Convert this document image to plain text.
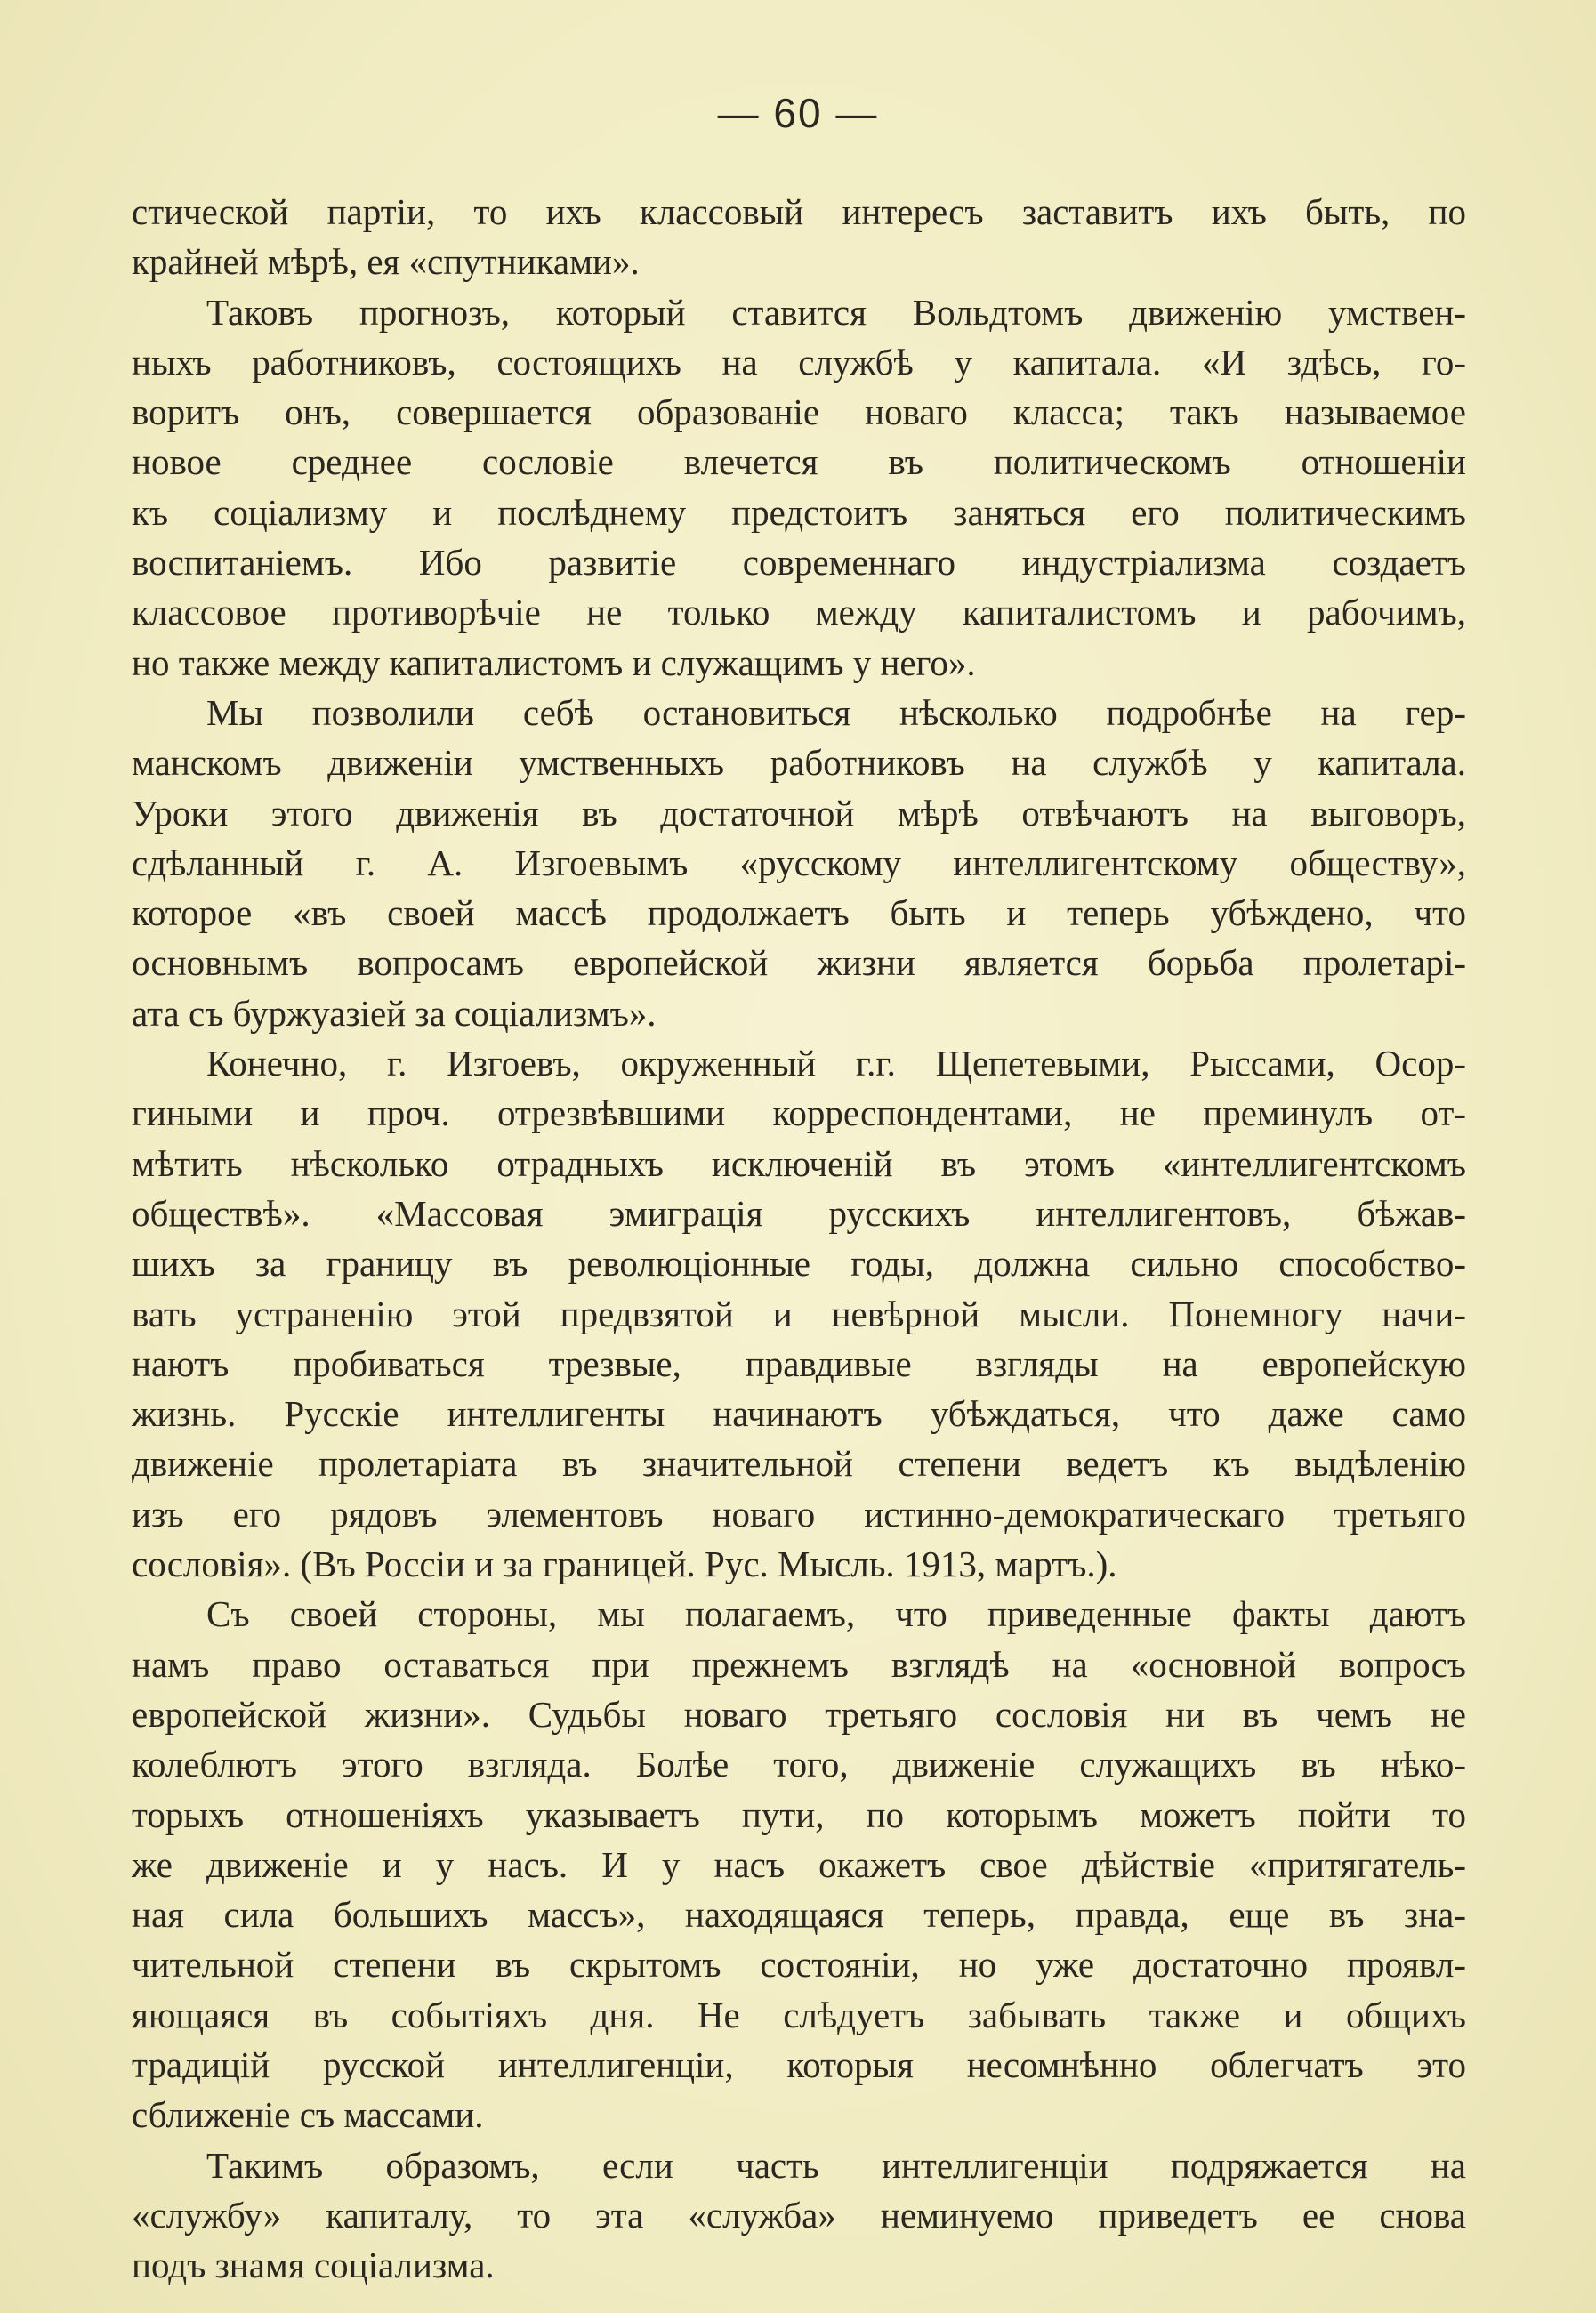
— 60 —
стической партіи, то ихъ классовый интересъ заставитъ ихъ быть, по
крайней мѣрѣ, ея «спутниками».
Таковъ прогнозъ, который ставится Вольдтомъ движенію умствен-
ныхъ работниковъ, состоящихъ на службѣ у капитала. «И здѣсь, го-
воритъ онъ, совершается образованіе новаго класса; такъ называемое
новое среднее сословіе влечется въ политическомъ отношеніи
къ соціализму и послѣднему предстоитъ заняться его политическимъ
воспитаніемъ. Ибо развитіе современнаго индустріализма создаетъ
классовое противорѣчіе не только между капиталистомъ и рабочимъ,
но также между капиталистомъ и служащимъ у него».
Мы позволили себѣ остановиться нѣсколько подробнѣе на гер-
манскомъ движеніи умственныхъ работниковъ на службѣ у капитала.
Уроки этого движенія въ достаточной мѣрѣ отвѣчаютъ на выговоръ,
сдѣланный г. А. Изгоевымъ «русскому интеллигентскому обществу»,
которое «въ своей массѣ продолжаетъ быть и теперь убѣждено, что
основнымъ вопросамъ европейской жизни является борьба пролетарі-
ата съ буржуазіей за соціализмъ».
Конечно, г. Изгоевъ, окруженный г.г. Щепетевыми, Рыссами, Осор-
гиными и проч. отрезвѣвшими корреспондентами, не преминулъ от-
мѣтить нѣсколько отрадныхъ исключеній въ этомъ «интеллигентскомъ
обществѣ». «Массовая эмиграція русскихъ интеллигентовъ, бѣжав-
шихъ за границу въ революціонные годы, должна сильно способство-
вать устраненію этой предвзятой и невѣрной мысли. Понемногу начи-
наютъ пробиваться трезвые, правдивые взгляды на европейскую
жизнь. Русскіе интеллигенты начинаютъ убѣждаться, что даже само
движеніе пролетаріата въ значительной степени ведетъ къ выдѣленію
изъ его рядовъ элементовъ новаго истинно-демократическаго третьяго
сословія». (Въ Россіи и за границей. Рус. Мысль. 1913, мартъ.).
Съ своей стороны, мы полагаемъ, что приведенные факты даютъ
намъ право оставаться при прежнемъ взглядѣ на «основной вопросъ
европейской жизни». Судьбы новаго третьяго сословія ни въ чемъ не
колеблютъ этого взгляда. Болѣе того, движеніе служащихъ въ нѣко-
торыхъ отношеніяхъ указываетъ пути, по которымъ можетъ пойти то
же движеніе и у насъ. И у насъ окажетъ свое дѣйствіе «притягатель-
ная сила большихъ массъ», находящаяся теперь, правда, еще въ зна-
чительной степени въ скрытомъ состояніи, но уже достаточно проявл-
яющаяся въ событіяхъ дня. Не слѣдуетъ забывать также и общихъ
традицій русской интеллигенціи, которыя несомнѣнно облегчатъ это
сближеніе съ массами.
Такимъ образомъ, если часть интеллигенціи подряжается на
«службу» капиталу, то эта «служба» неминуемо приведетъ ее снова
подъ знамя соціализма.
